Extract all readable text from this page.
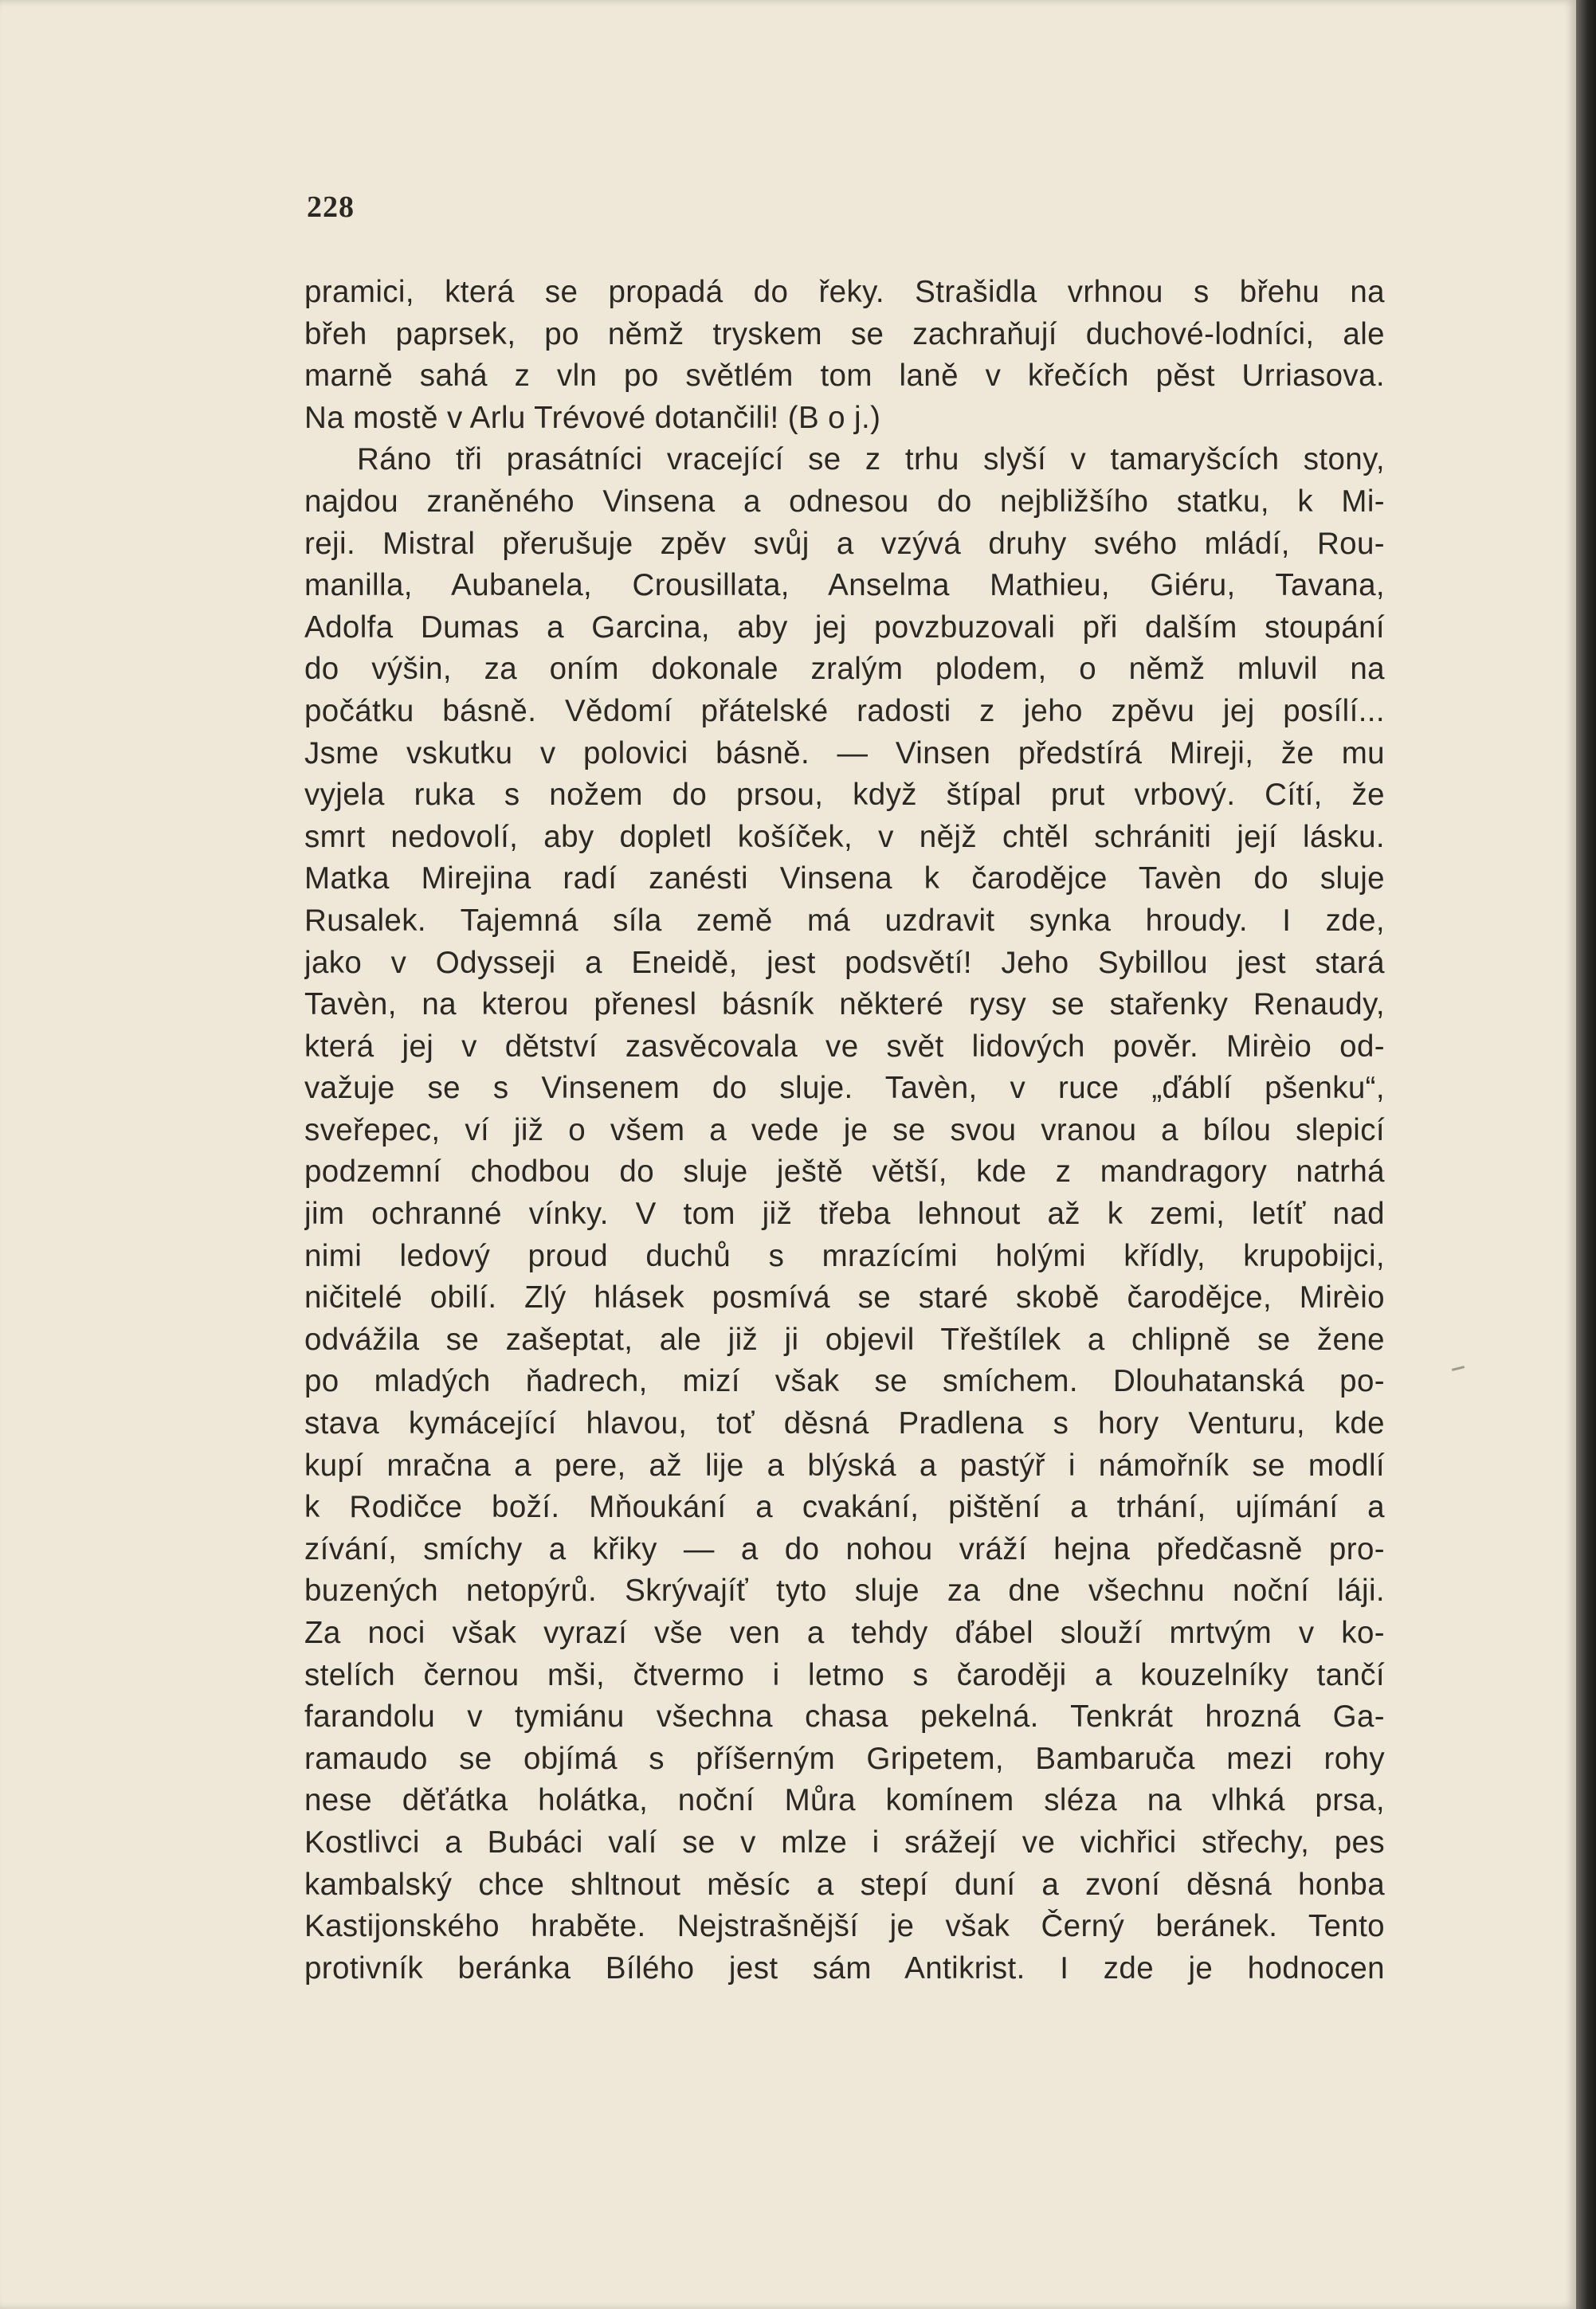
228
pramici, která se propadá do řeky. Strašidla vrhnou s břehu na
břeh paprsek, po němž tryskem se zachraňují duchové-lodníci, ale
marně sahá z vln po světlém tom laně v křečích pěst Urriasova.
Na mostě v Arlu Trévové dotančili! (B o j.)
Ráno tři prasátníci vracející se z trhu slyší v tamaryšcích stony,
najdou zraněného Vinsena a odnesou do nejbližšího statku, k Mi-
reji. Mistral přerušuje zpěv svůj a vzývá druhy svého mládí, Rou-
manilla, Aubanela, Crousillata, Anselma Mathieu, Giéru, Tavana,
Adolfa Dumas a Garcina, aby jej povzbuzovali při dalším stoupání
do výšin, za oním dokonale zralým plodem, o němž mluvil na
počátku básně. Vědomí přátelské radosti z jeho zpěvu jej posílí...
Jsme vskutku v polovici básně. — Vinsen předstírá Mireji, že mu
vyjela ruka s nožem do prsou, když štípal prut vrbový. Cítí, že
smrt nedovolí, aby dopletl košíček, v nějž chtěl schrániti její lásku.
Matka Mirejina radí zanésti Vinsena k čarodějce Tavèn do sluje
Rusalek. Tajemná síla země má uzdravit synka hroudy. I zde,
jako v Odysseji a Eneidě, jest podsvětí! Jeho Sybillou jest stará
Tavèn, na kterou přenesl básník některé rysy se stařenky Renaudy,
která jej v dětství zasvěcovala ve svět lidových pověr. Mirèio od-
važuje se s Vinsenem do sluje. Tavèn, v ruce „ďáblí pšenku“,
sveřepec, ví již o všem a vede je se svou vranou a bílou slepicí
podzemní chodbou do sluje ještě větší, kde z mandragory natrhá
jim ochranné vínky. V tom již třeba lehnout až k zemi, letíť nad
nimi ledový proud duchů s mrazícími holými křídly, krupobijci,
ničitelé obilí. Zlý hlásek posmívá se staré skobě čarodějce, Mirèio
odvážila se zašeptat, ale již ji objevil Třeštílek a chlipně se žene
po mladých ňadrech, mizí však se smíchem. Dlouhatanská po-
stava kymácející hlavou, toť děsná Pradlena s hory Venturu, kde
kupí mračna a pere, až lije a blýská a pastýř i námořník se modlí
k Rodičce boží. Mňoukání a cvakání, pištění a trhání, ujímání a
zívání, smíchy a křiky — a do nohou vráží hejna předčasně pro-
buzených netopýrů. Skrývajíť tyto sluje za dne všechnu noční láji.
Za noci však vyrazí vše ven a tehdy ďábel slouží mrtvým v ko-
stelích černou mši, čtvermo i letmo s čaroději a kouzelníky tančí
farandolu v tymiánu všechna chasa pekelná. Tenkrát hrozná Ga-
ramaudo se objímá s příšerným Gripetem, Bambaruča mezi rohy
nese děťátka holátka, noční Můra komínem sléza na vlhká prsa,
Kostlivci a Bubáci valí se v mlze i srážejí ve vichřici střechy, pes
kambalský chce shltnout měsíc a stepí duní a zvoní děsná honba
Kastijonského hraběte. Nejstrašnější je však Černý beránek. Tento
protivník beránka Bílého jest sám Antikrist. I zde je hodnocen
